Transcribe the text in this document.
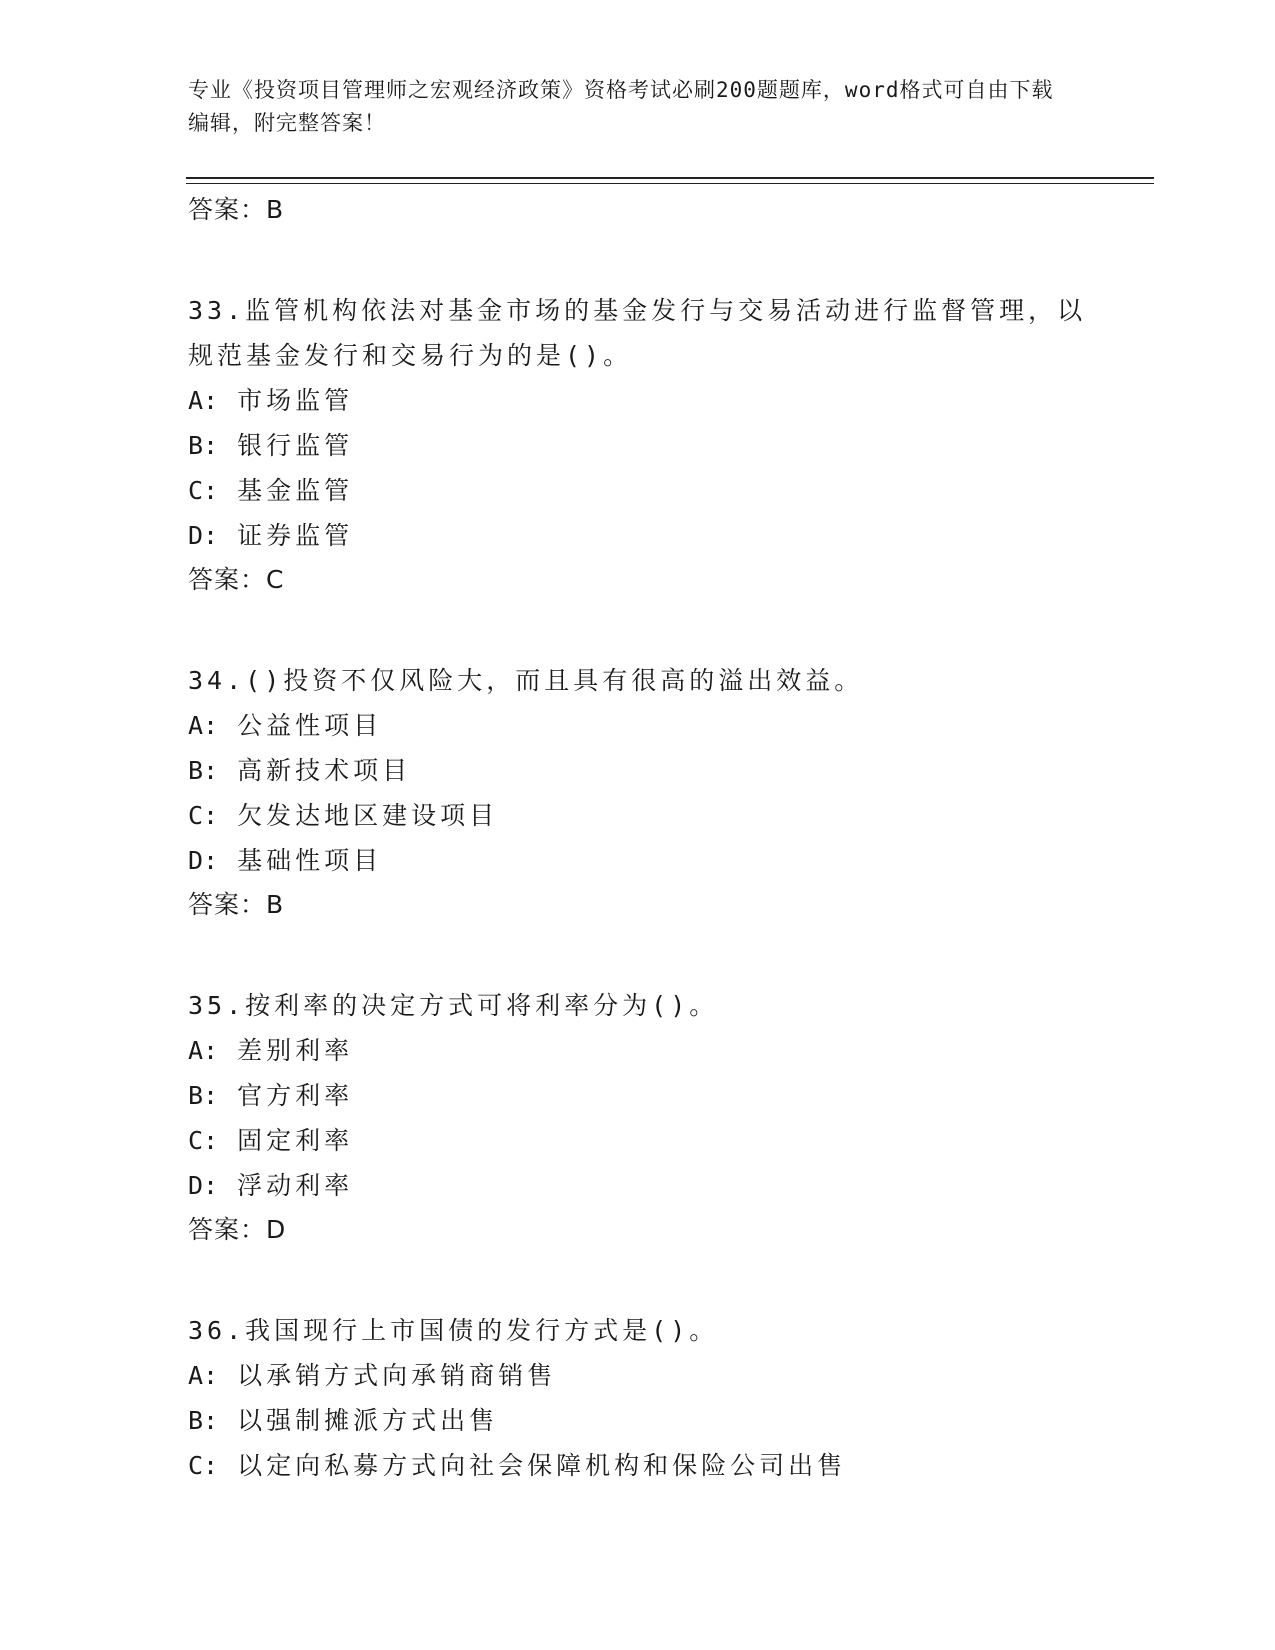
专业《投资项目管理师之宏观经济政策》资格考试必刷200题题库，word格式可自由下载编辑，附完整答案！

答案：B

33.监管机构依法对基金市场的基金发行与交易活动进行监督管理，以规范基金发行和交易行为的是()。

A: 市场监管

B: 银行监管

C: 基金监管

D: 证券监管

答案：C

34.()投资不仅风险大，而且具有很高的溢出效益。

A: 公益性项目

B: 高新技术项目

C: 欠发达地区建设项目

D: 基础性项目

答案：B

35.按利率的决定方式可将利率分为()。

A: 差别利率

B: 官方利率

C: 固定利率

D: 浮动利率

答案：D

36.我国现行上市国债的发行方式是()。

A: 以承销方式向承销商销售

B: 以强制摊派方式出售

C: 以定向私募方式向社会保障机构和保险公司出售
